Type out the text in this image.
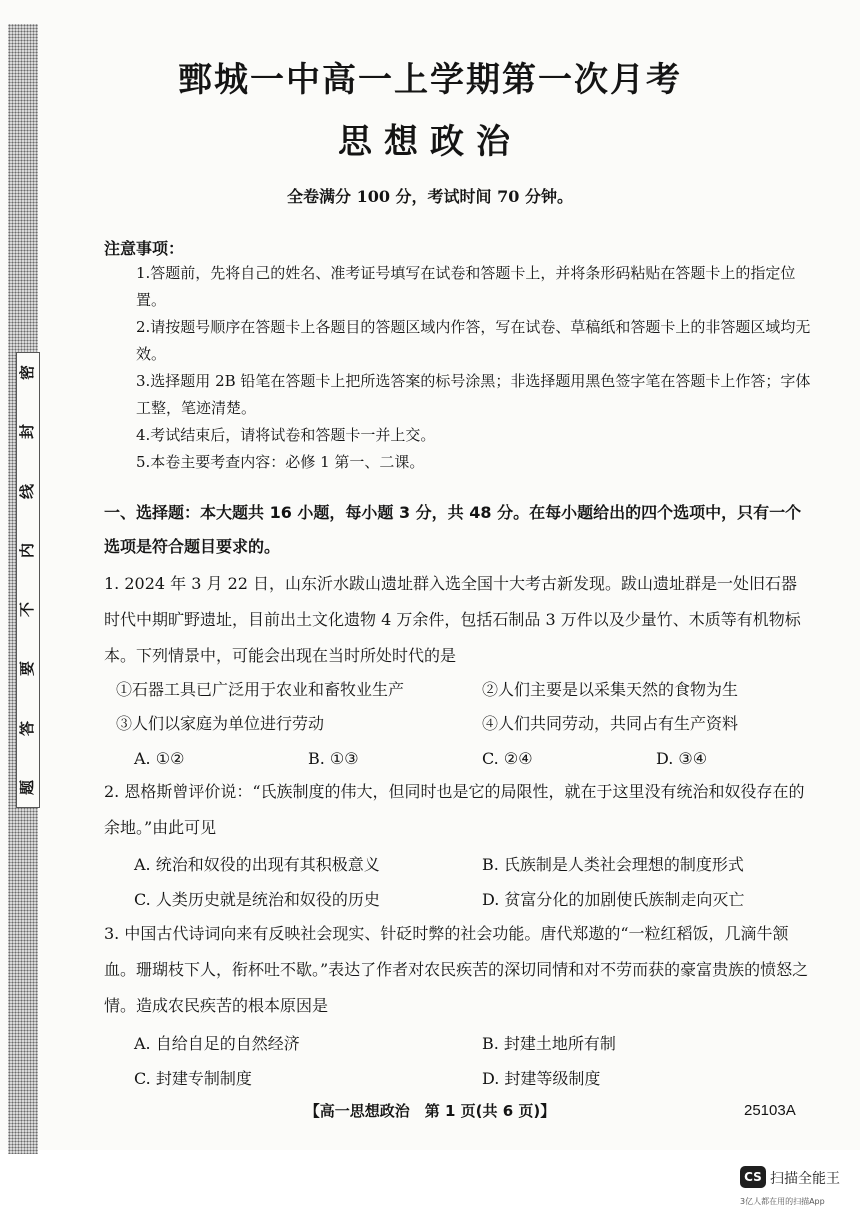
密
封
线
内
不
要
答
题
鄄城一中高一上学期第一次月考
思想政治
全卷满分 100 分，考试时间 70 分钟。
注意事项：

1.答题前，先将自己的姓名、准考证号填写在试卷和答题卡上，并将条形码粘贴在答题卡上的指定位置。

2.请按题号顺序在答题卡上各题目的答题区域内作答，写在试卷、草稿纸和答题卡上的非答题区域均无效。

3.选择题用 2B 铅笔在答题卡上把所选答案的标号涂黑；非选择题用黑色签字笔在答题卡上作答；字体工整，笔迹清楚。

4.考试结束后，请将试卷和答题卡一并上交。

5.本卷主要考查内容：必修 1 第一、二课。

一、选择题：本大题共 16 小题，每小题 3 分，共 48 分。在每小题给出的四个选项中，只有一个选项是符合题目要求的。

1. 2024 年 3 月 22 日，山东沂水跋山遗址群入选全国十大考古新发现。跋山遗址群是一处旧石器时代中期旷野遗址，目前出土文化遗物 4 万余件，包括石制品 3 万件以及少量竹、木质等有机物标本。下列情景中，可能会出现在当时所处时代的是

①石器工具已广泛用于农业和畜牧业生产	②人们主要是以采集天然的食物为生
③人们以家庭为单位进行劳动	④人们共同劳动，共同占有生产资料
A. ①②	B. ①③	C. ②④	D. ③④

2. 恩格斯曾评价说：“氏族制度的伟大，但同时也是它的局限性，就在于这里没有统治和奴役存在的余地。”由此可见

A. 统治和奴役的出现有其积极意义	B. 氏族制是人类社会理想的制度形式
C. 人类历史就是统治和奴役的历史	D. 贫富分化的加剧使氏族制走向灭亡

3. 中国古代诗词向来有反映社会现实、针砭时弊的社会功能。唐代郑遨的“一粒红稻饭，几滴牛颔血。珊瑚枝下人，衔杯吐不歇。”表达了作者对农民疾苦的深切同情和对不劳而获的豪富贵族的愤怒之情。造成农民疾苦的根本原因是

A. 自给自足的自然经济	B. 封建土地所有制
C. 封建专制制度	D. 封建等级制度
【高一思想政治　第 1 页(共 6 页)】	25103A
CS 扫描全能王
3亿人都在用的扫描App
